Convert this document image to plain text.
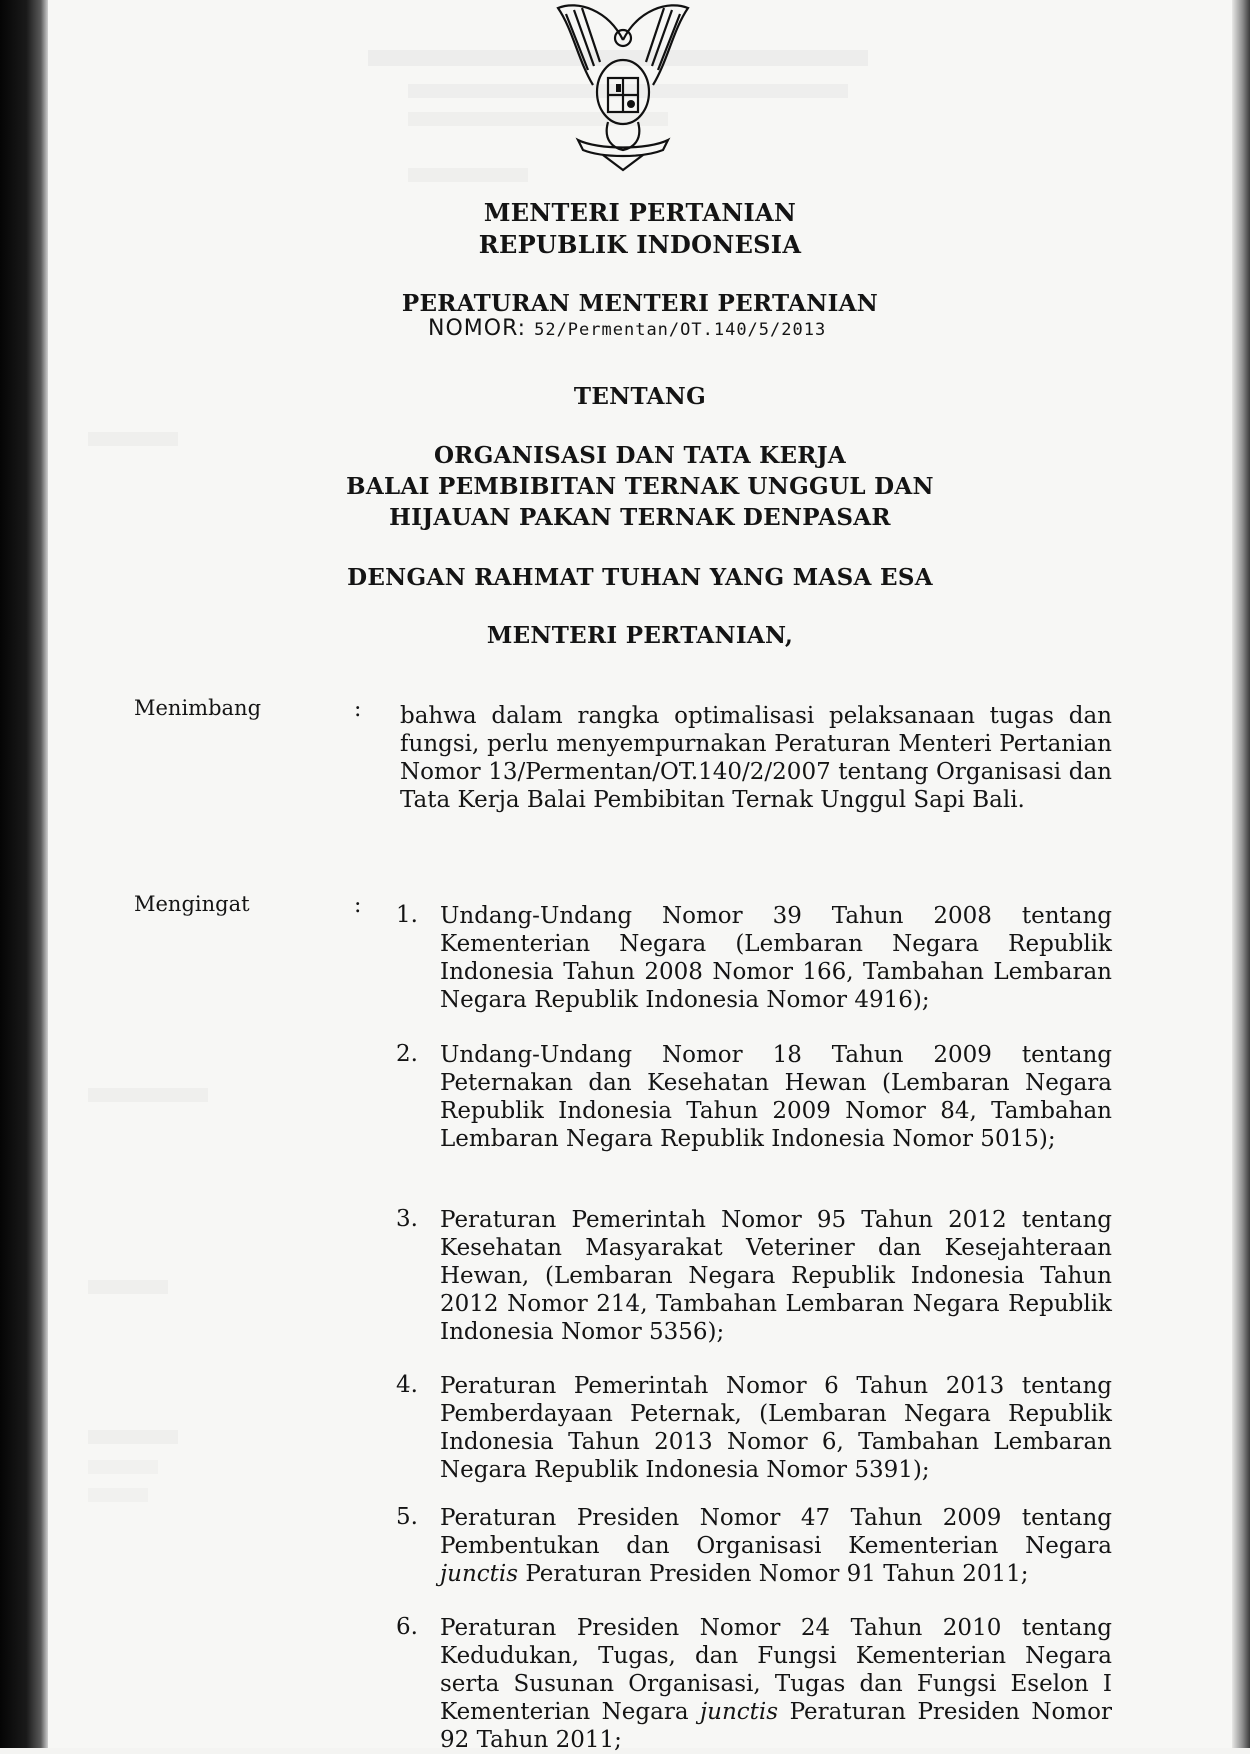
MENTERI PERTANIAN
REPUBLIK INDONESIA
PERATURAN MENTERI PERTANIAN
NOMOR: 52/Permentan/OT.140/5/2013
TENTANG
ORGANISASI DAN TATA KERJA
BALAI PEMBIBITAN TERNAK UNGGUL DAN
HIJAUAN PAKAN TERNAK DENPASAR
DENGAN RAHMAT TUHAN YANG MASA ESA
MENTERI PERTANIAN,
Menimbang	: bahwa dalam rangka optimalisasi pelaksanaan tugas dan fungsi, perlu menyempurnakan Peraturan Menteri Pertanian Nomor 13/Permentan/OT.140/2/2007 tentang Organisasi dan Tata Kerja Balai Pembibitan Ternak Unggul Sapi Bali.
Mengingat	: 1. Undang-Undang Nomor 39 Tahun 2008 tentang Kementerian Negara (Lembaran Negara Republik Indonesia Tahun 2008 Nomor 166, Tambahan Lembaran Negara Republik Indonesia Nomor 4916);
2. Undang-Undang Nomor 18 Tahun 2009 tentang Peternakan dan Kesehatan Hewan (Lembaran Negara Republik Indonesia Tahun 2009 Nomor 84, Tambahan Lembaran Negara Republik Indonesia Nomor 5015);
3. Peraturan Pemerintah Nomor 95 Tahun 2012 tentang Kesehatan Masyarakat Veteriner dan Kesejahteraan Hewan, (Lembaran Negara Republik Indonesia Tahun 2012 Nomor 214, Tambahan Lembaran Negara Republik Indonesia Nomor 5356);
4. Peraturan Pemerintah Nomor 6 Tahun 2013 tentang Pemberdayaan Peternak, (Lembaran Negara Republik Indonesia Tahun 2013 Nomor 6, Tambahan Lembaran Negara Republik Indonesia Nomor 5391);
5. Peraturan Presiden Nomor 47 Tahun 2009 tentang Pembentukan dan Organisasi Kementerian Negara junctis Peraturan Presiden Nomor 91 Tahun 2011;
6. Peraturan Presiden Nomor 24 Tahun 2010 tentang Kedudukan, Tugas, dan Fungsi Kementerian Negara serta Susunan Organisasi, Tugas dan Fungsi Eselon I Kementerian Negara junctis Peraturan Presiden Nomor 92 Tahun 2011;
